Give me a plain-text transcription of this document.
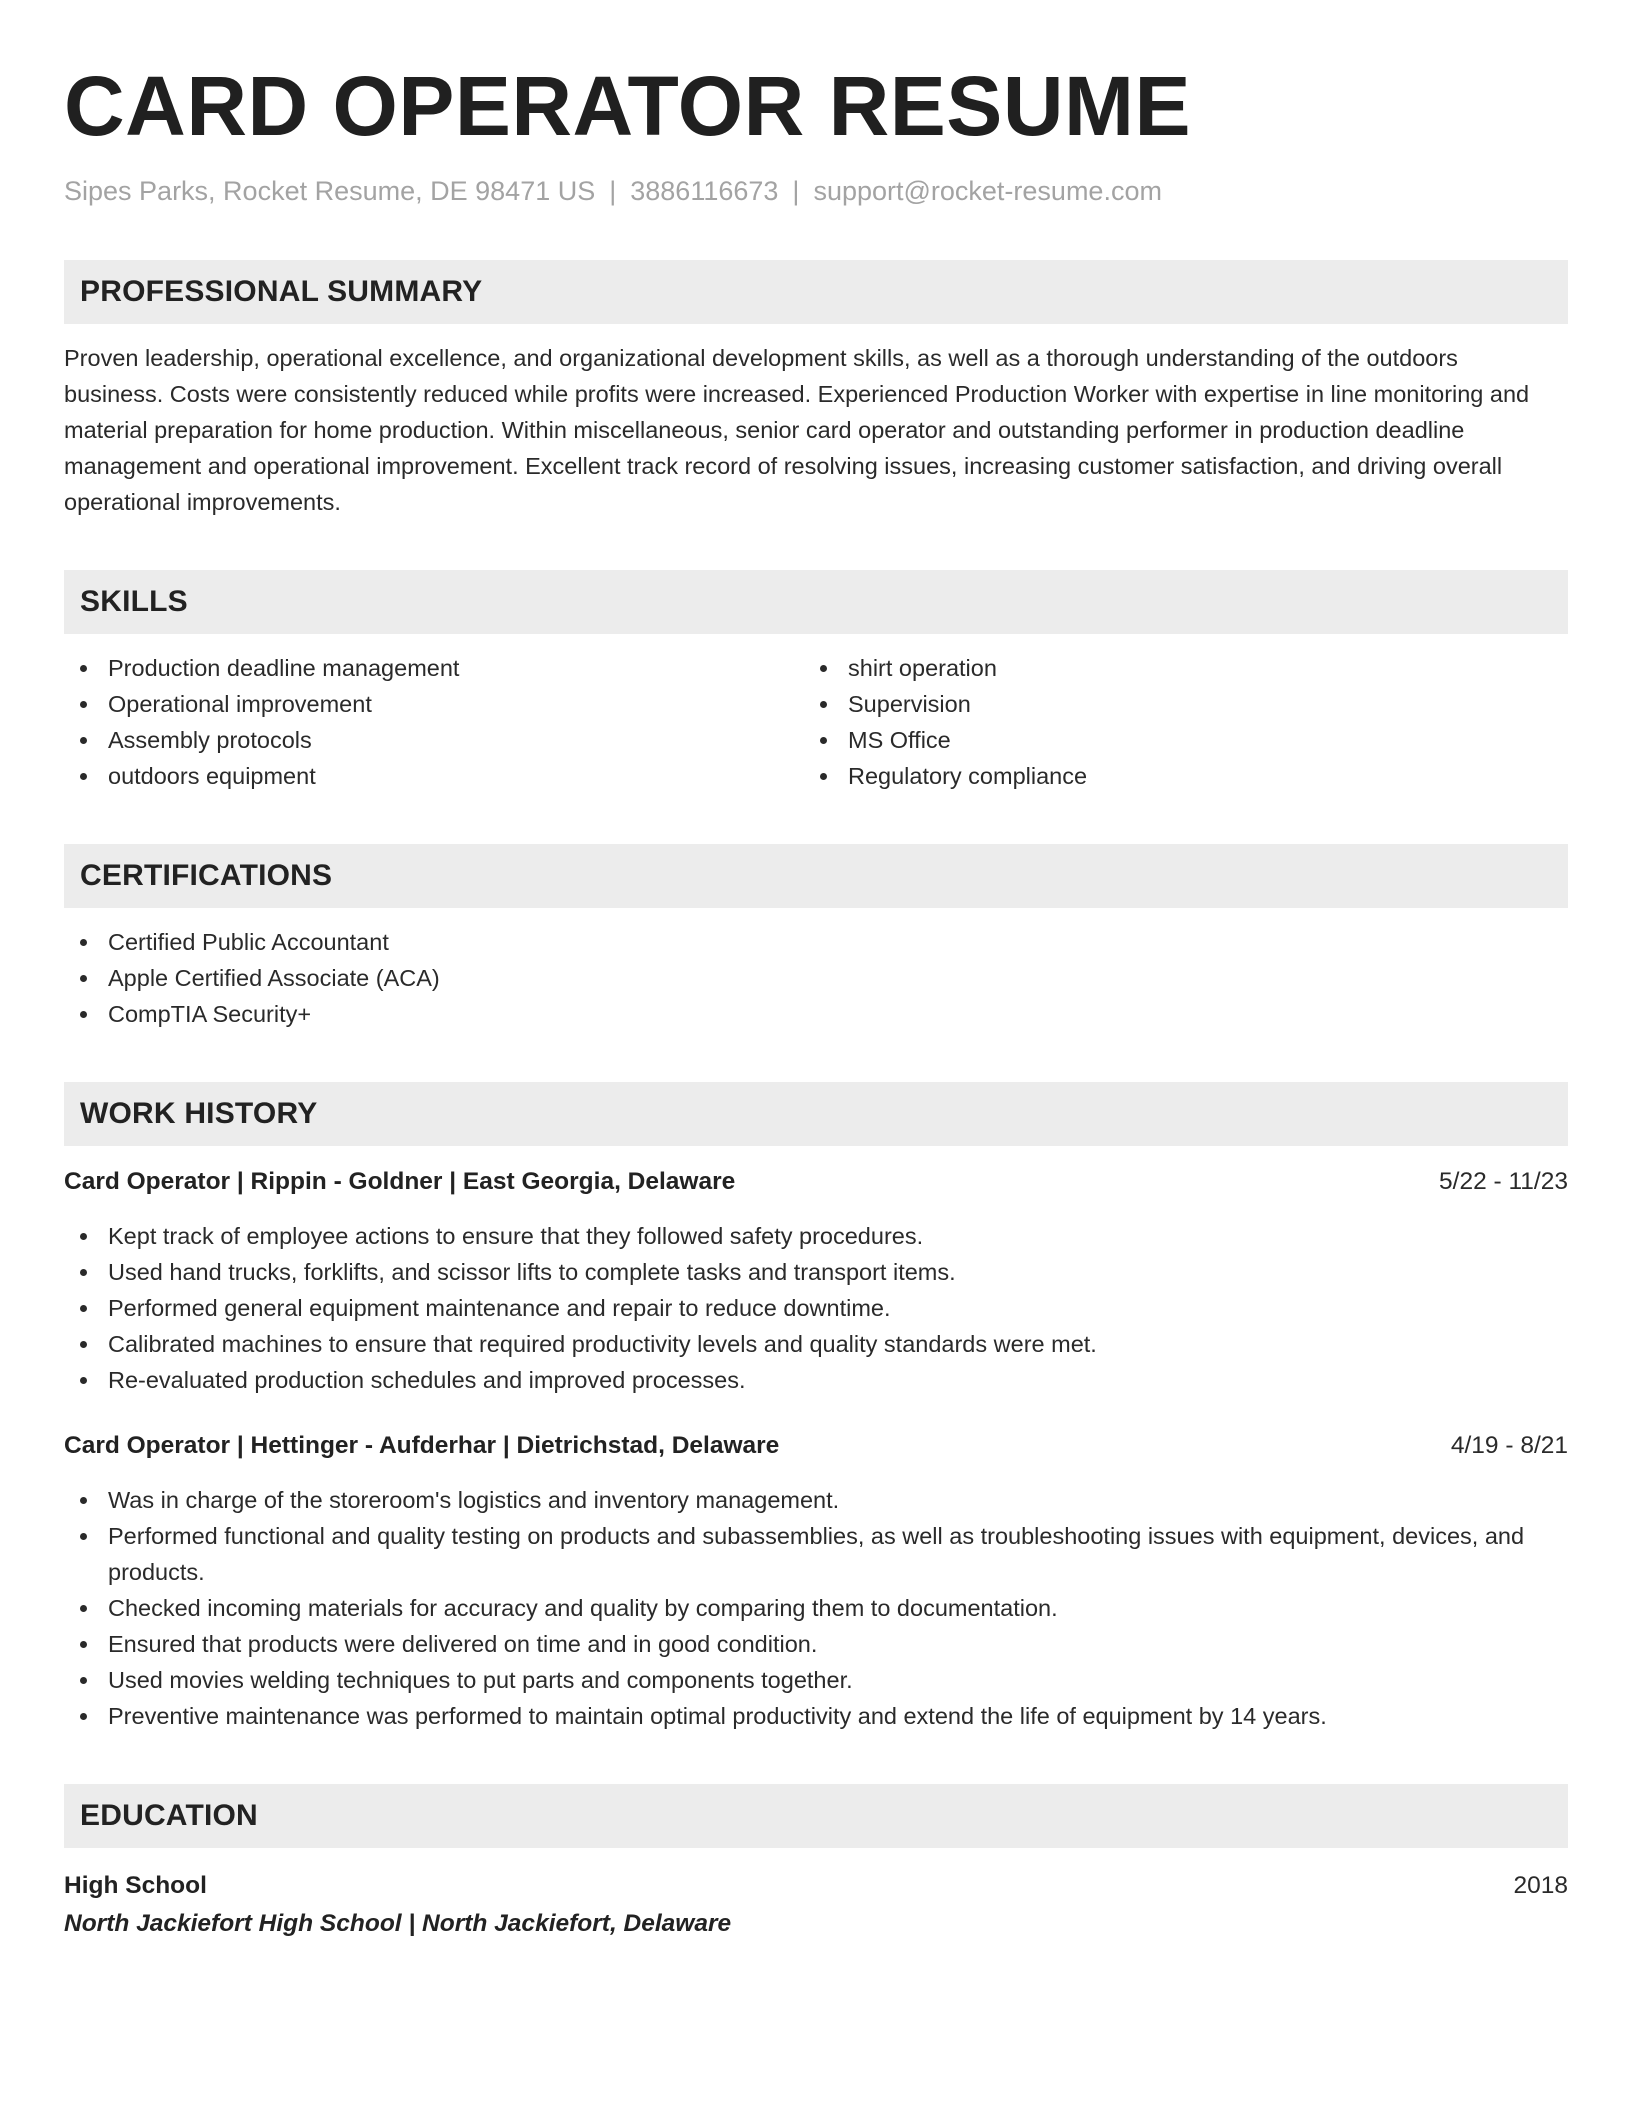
CARD OPERATOR RESUME
Sipes Parks, Rocket Resume, DE 98471 US | 3886116673 | support@rocket-resume.com
PROFESSIONAL SUMMARY

Proven leadership, operational excellence, and organizational development skills, as well as a thorough understanding of the outdoors business. Costs were consistently reduced while profits were increased. Experienced Production Worker with expertise in line monitoring and material preparation for home production. Within miscellaneous, senior card operator and outstanding performer in production deadline management and operational improvement. Excellent track record of resolving issues, increasing customer satisfaction, and driving overall operational improvements.

SKILLS
Production deadline management
Operational improvement
Assembly protocols
outdoors equipment
shirt operation
Supervision
MS Office
Regulatory compliance
CERTIFICATIONS
Certified Public Accountant
Apple Certified Associate (ACA)
CompTIA Security+
WORK HISTORY
Card Operator | Rippin - Goldner | East Georgia, Delaware	5/22 - 11/23
Kept track of employee actions to ensure that they followed safety procedures.
Used hand trucks, forklifts, and scissor lifts to complete tasks and transport items.
Performed general equipment maintenance and repair to reduce downtime.
Calibrated machines to ensure that required productivity levels and quality standards were met.
Re-evaluated production schedules and improved processes.
Card Operator | Hettinger - Aufderhar | Dietrichstad, Delaware	4/19 - 8/21
Was in charge of the storeroom's logistics and inventory management.
Performed functional and quality testing on products and subassemblies, as well as troubleshooting issues with equipment, devices, and products.
Checked incoming materials for accuracy and quality by comparing them to documentation.
Ensured that products were delivered on time and in good condition.
Used movies welding techniques to put parts and components together.
Preventive maintenance was performed to maintain optimal productivity and extend the life of equipment by 14 years.
EDUCATION
High School	2018
North Jackiefort High School | North Jackiefort, Delaware
